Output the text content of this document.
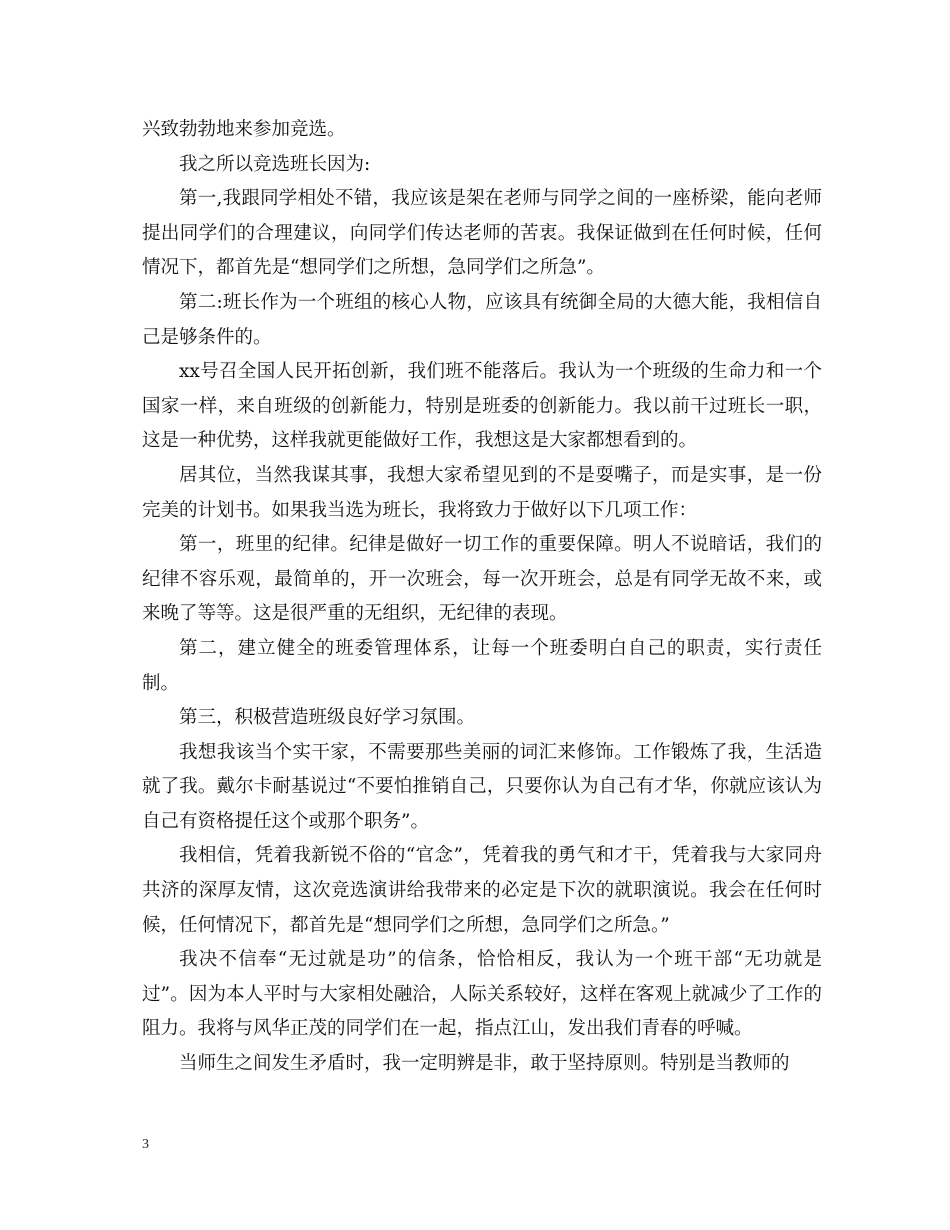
兴致勃勃地来参加竞选。

我之所以竞选班长因为:

第一,我跟同学相处不错，我应该是架在老师与同学之间的一座桥梁，能向老师提出同学们的合理建议，向同学们传达老师的苦衷。我保证做到在任何时候，任何情况下，都首先是“想同学们之所想，急同学们之所急”。

第二:班长作为一个班组的核心人物，应该具有统御全局的大德大能，我相信自己是够条件的。

xx号召全国人民开拓创新，我们班不能落后。我认为一个班级的生命力和一个国家一样，来自班级的创新能力，特别是班委的创新能力。我以前干过班长一职，这是一种优势，这样我就更能做好工作，我想这是大家都想看到的。

居其位，当然我谋其事，我想大家希望见到的不是耍嘴子，而是实事，是一份完美的计划书。如果我当选为班长，我将致力于做好以下几项工作：

第一，班里的纪律。纪律是做好一切工作的重要保障。明人不说暗话，我们的纪律不容乐观，最简单的，开一次班会，每一次开班会，总是有同学无故不来，或来晚了等等。这是很严重的无组织，无纪律的表现。

第二，建立健全的班委管理体系，让每一个班委明白自己的职责，实行责任制。

第三，积极营造班级良好学习氛围。

我想我该当个实干家，不需要那些美丽的词汇来修饰。工作锻炼了我，生活造就了我。戴尔卡耐基说过“不要怕推销自己，只要你认为自己有才华，你就应该认为自己有资格提任这个或那个职务”。

我相信，凭着我新锐不俗的“官念”，凭着我的勇气和才干，凭着我与大家同舟共济的深厚友情，这次竞选演讲给我带来的必定是下次的就职演说。我会在任何时候，任何情况下，都首先是“想同学们之所想，急同学们之所急。”

我决不信奉“无过就是功”的信条，恰恰相反，我认为一个班干部“无功就是过”。因为本人平时与大家相处融洽，人际关系较好，这样在客观上就减少了工作的阻力。我将与风华正茂的同学们在一起，指点江山，发出我们青春的呼喊。

当师生之间发生矛盾时，我一定明辨是非，敢于坚持原则。特别是当教师的

3
